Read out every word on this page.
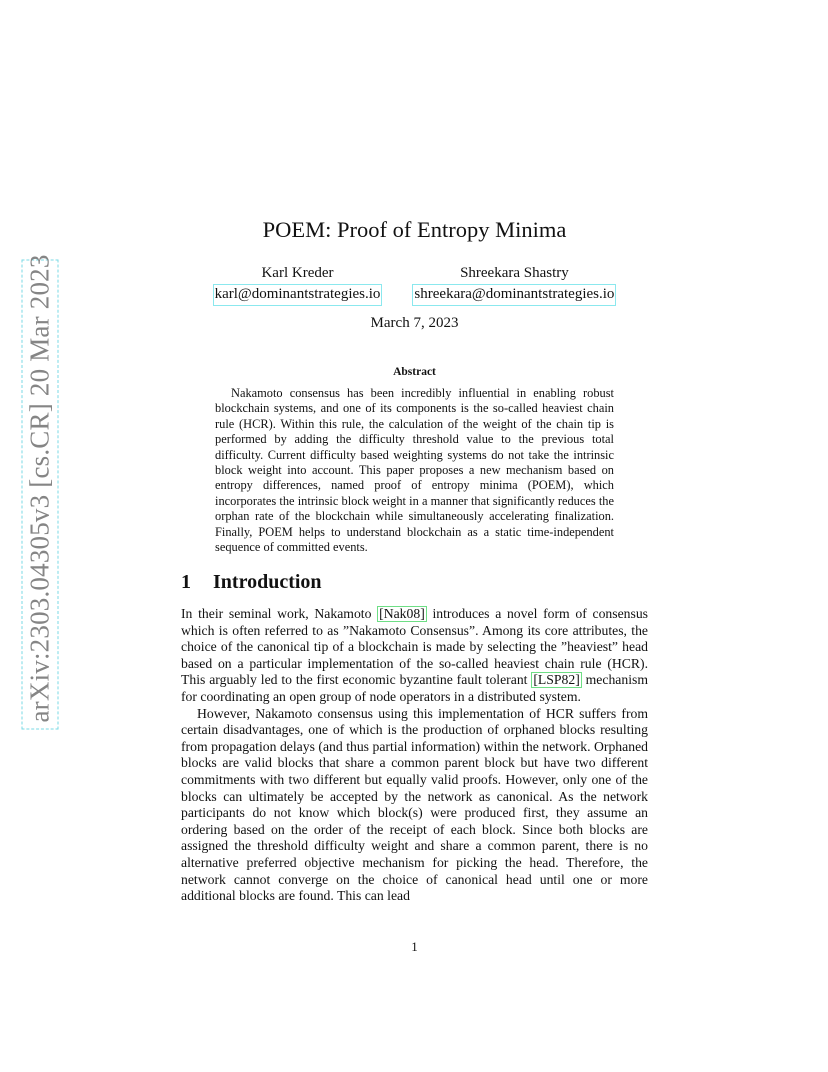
arXiv:2303.04305v3 [cs.CR] 20 Mar 2023
POEM: Proof of Entropy Minima
Karl Kreder
karl@dominantstrategies.io
Shreekara Shastry
shreekara@dominantstrategies.io
March 7, 2023
Abstract

Nakamoto consensus has been incredibly influential in enabling robust blockchain systems, and one of its components is the so-called heaviest chain rule (HCR). Within this rule, the calculation of the weight of the chain tip is performed by adding the difficulty threshold value to the previous total difficulty. Current difficulty based weighting systems do not take the intrinsic block weight into account. This paper proposes a new mechanism based on entropy differences, named proof of entropy minima (POEM), which incorporates the intrinsic block weight in a manner that significantly reduces the orphan rate of the blockchain while simultaneously accelerating finalization. Finally, POEM helps to understand blockchain as a static time-independent sequence of committed events.

1 Introduction

In their seminal work, Nakamoto [Nak08] introduces a novel form of consensus which is often referred to as ”Nakamoto Consensus”. Among its core attributes, the choice of the canonical tip of a blockchain is made by selecting the ”heaviest” head based on a particular implementation of the so-called heaviest chain rule (HCR). This arguably led to the first economic byzantine fault tolerant [LSP82] mechanism for coordinating an open group of node operators in a distributed system.

However, Nakamoto consensus using this implementation of HCR suffers from certain disadvantages, one of which is the production of orphaned blocks resulting from propagation delays (and thus partial information) within the network. Orphaned blocks are valid blocks that share a common parent block but have two different commitments with two different but equally valid proofs. However, only one of the blocks can ultimately be accepted by the network as canonical. As the network participants do not know which block(s) were produced first, they assume an ordering based on the order of the receipt of each block. Since both blocks are assigned the threshold difficulty weight and share a common parent, there is no alternative preferred objective mechanism for picking the head. Therefore, the network cannot converge on the choice of canonical head until one or more additional blocks are found. This can lead

1
